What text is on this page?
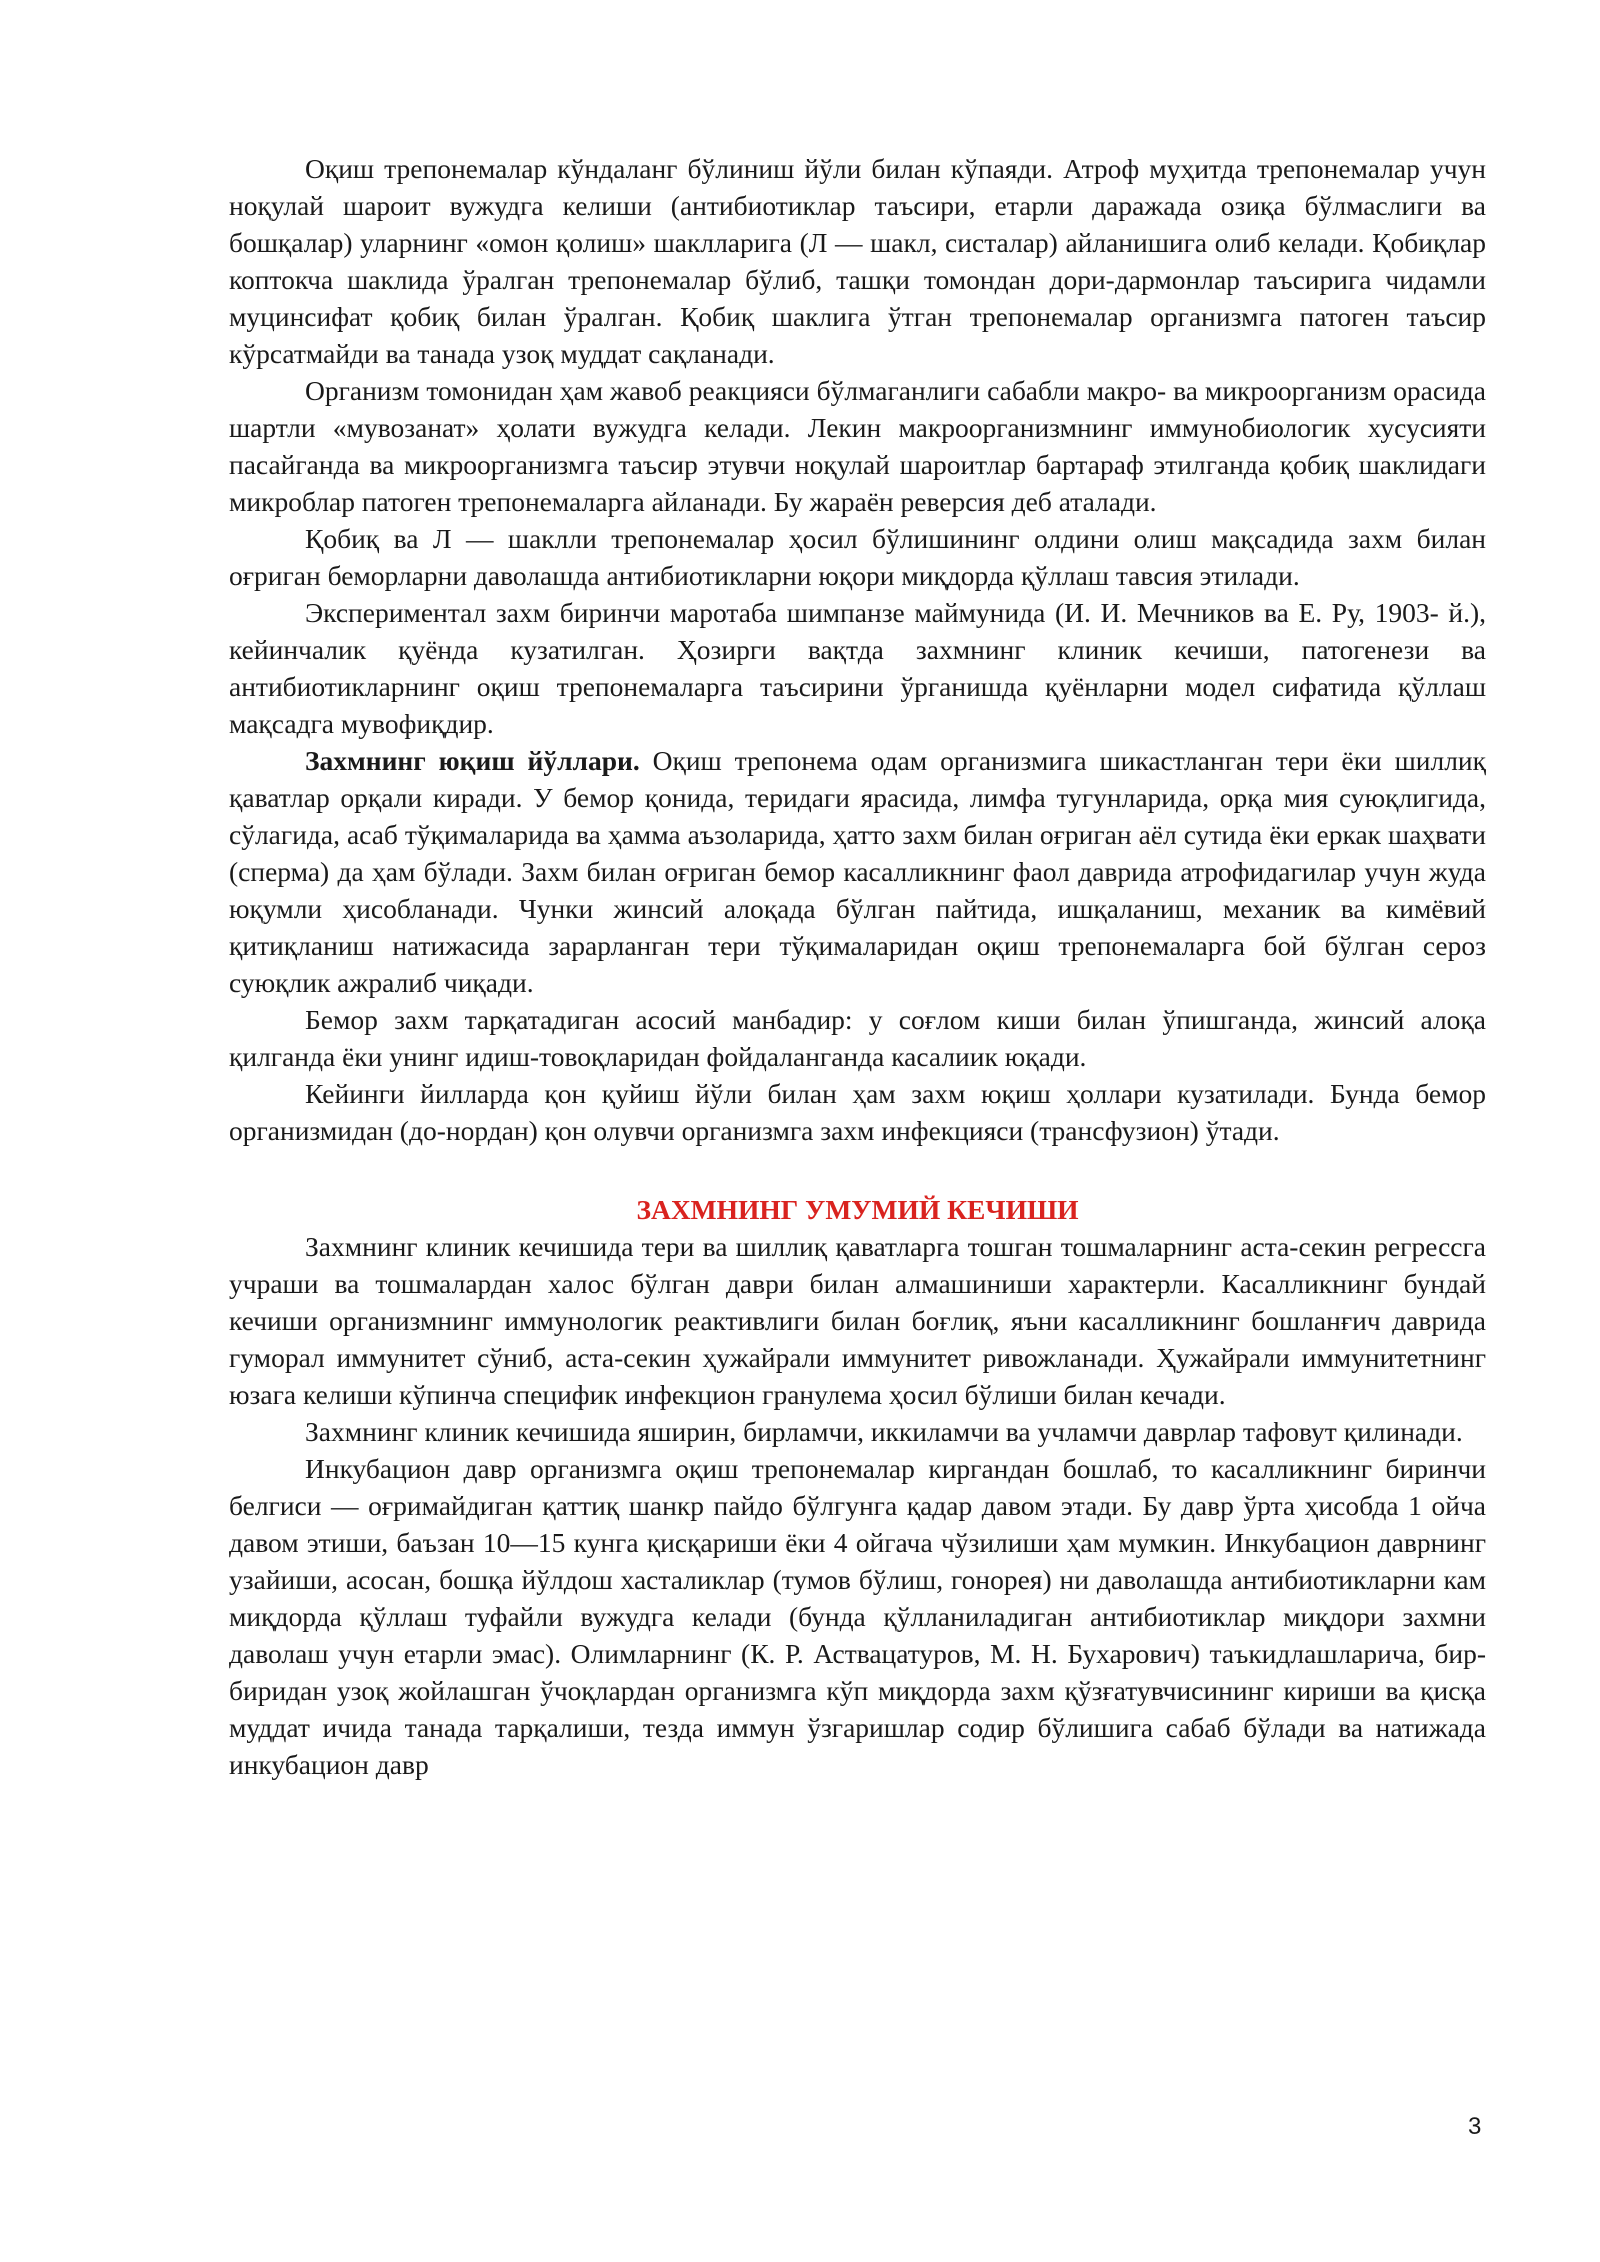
Оқиш трепонемалар кўндаланг бўлиниш йўли билан кўпаяди. Атроф муҳитда трепонемалар учун ноқулай шароит вужудга келиши (антибиотиклар таъсири, етарли даражада озиқа бўлмаслиги ва бошқалар) уларнинг «омон қолиш» шаклларига (Л — шакл, систалар) айланишига олиб келади. Қобиқлар коптокча шаклида ўралган трепонемалар бўлиб, ташқи томондан дори-дармонлар таъсирига чидамли муцинсифат қобиқ билан ўралган. Қобиқ шаклига ўтган трепонемалар организмга патоген таъсир кўрсатмайди ва танада узоқ муддат сақланади.

Организм томонидан ҳам жавоб реакцияси бўлмаганлиги сабабли макро- ва микроорганизм орасида шартли «мувозанат» ҳолати вужудга келади. Лекин макроорганизмнинг иммунобиологик хусусияти пасайганда ва микроорганизмга таъсир этувчи ноқулай шароитлар бартараф этилганда қобиқ шаклидаги микроблар патоген трепонемаларга айланади. Бу жараён реверсия деб аталади.

Қобиқ ва Л — шаклли трепонемалар ҳосил бўлишининг олдини олиш мақсадида захм билан оғриган беморларни даволашда антибиотикларни юқори миқдорда қўллаш тавсия этилади.

Экспериментал захм биринчи маротаба шимпанзе маймунида (И. И. Мечников ва Е. Ру, 1903- й.), кейинчалик қуёнда кузатилган. Ҳозирги вақтда захмнинг клиник кечиши, патогенези ва антибиотикларнинг оқиш трепонемаларга таъсирини ўрганишда қуёнларни модел сифатида қўллаш мақсадга мувофиқдир.

Захмнинг юқиш йўллари. Оқиш трепонема одам организмига шикастланган тери ёки шиллиқ қаватлар орқали киради. У бемор қонида, теридаги ярасида, лимфа тугунларида, орқа мия суюқлигида, сўлагида, асаб тўқималарида ва ҳамма аъзоларида, ҳатто захм билан оғриган аёл сутида ёки еркак шаҳвати (сперма) да ҳам бўлади. Захм билан оғриган бемор касалликнинг фаол даврида атрофидагилар учун жуда юқумли ҳисобланади. Чунки жинсий алоқада бўлган пайтида, ишқаланиш, механик ва кимёвий қитиқланиш натижасида зарарланган тери тўқималаридан оқиш трепонемаларга бой бўлган сероз суюқлик ажралиб чиқади.

Бемор захм тарқатадиган асосий манбадир: у соғлом киши билан ўпишганда, жинсий алоқа қилганда ёки унинг идиш-товоқларидан фойдаланганда касалиик юқади.

Кейинги йилларда қон қуйиш йўли билан ҳам захм юқиш ҳоллари кузатилади. Бунда бемор организмидан (до-нордан) қон олувчи организмга захм инфекцияси (трансфузион) ўтади.

ЗАХМНИНГ УМУМИЙ КЕЧИШИ

Захмнинг клиник кечишида тери ва шиллиқ қаватларга тошган тошмаларнинг аста-секин регрессга учраши ва тошмалардан халос бўлган даври билан алмашиниши характерли. Касалликнинг бундай кечиши организмнинг иммунологик реактивлиги билан боғлиқ, яъни касалликнинг бошланғич даврида гуморал иммунитет сўниб, аста-секин ҳужайрали иммунитет ривожланади. Ҳужайрали иммунитетнинг юзага келиши кўпинча специфик инфекцион гранулема ҳосил бўлиши билан кечади.

Захмнинг клиник кечишида яширин, бирламчи, иккиламчи ва учламчи даврлар тафовут қилинади.

Инкубацион давр организмга оқиш трепонемалар киргандан бошлаб, то касалликнинг биринчи белгиси — оғримайдиган қаттиқ шанкр пайдо бўлгунга қадар давом этади. Бу давр ўрта ҳисобда 1 ойча давом этиши, баъзан 10—15 кунга қисқариши ёки 4 ойгача чўзилиши ҳам мумкин. Инкубацион даврнинг узайиши, асосан, бошқа йўлдош хасталиклар (тумов бўлиш, гонорея) ни даволашда антибиотикларни кам миқдорда қўллаш туфайли вужудга келади (бунда қўлланиладиган антибиотиклар миқдори захмни даволаш учун етарли эмас). Олимларнинг (К. Р. Аствацатуров, М. Н. Бухарович) таъкидлашларича, бир-биридан узоқ жойлашган ўчоқлардан организмга кўп миқдорда захм қўзғатувчисининг кириши ва қисқа муддат ичида танада тарқалиши, тезда иммун ўзгаришлар содир бўлишига сабаб бўлади ва натижада инкубацион давр

3
